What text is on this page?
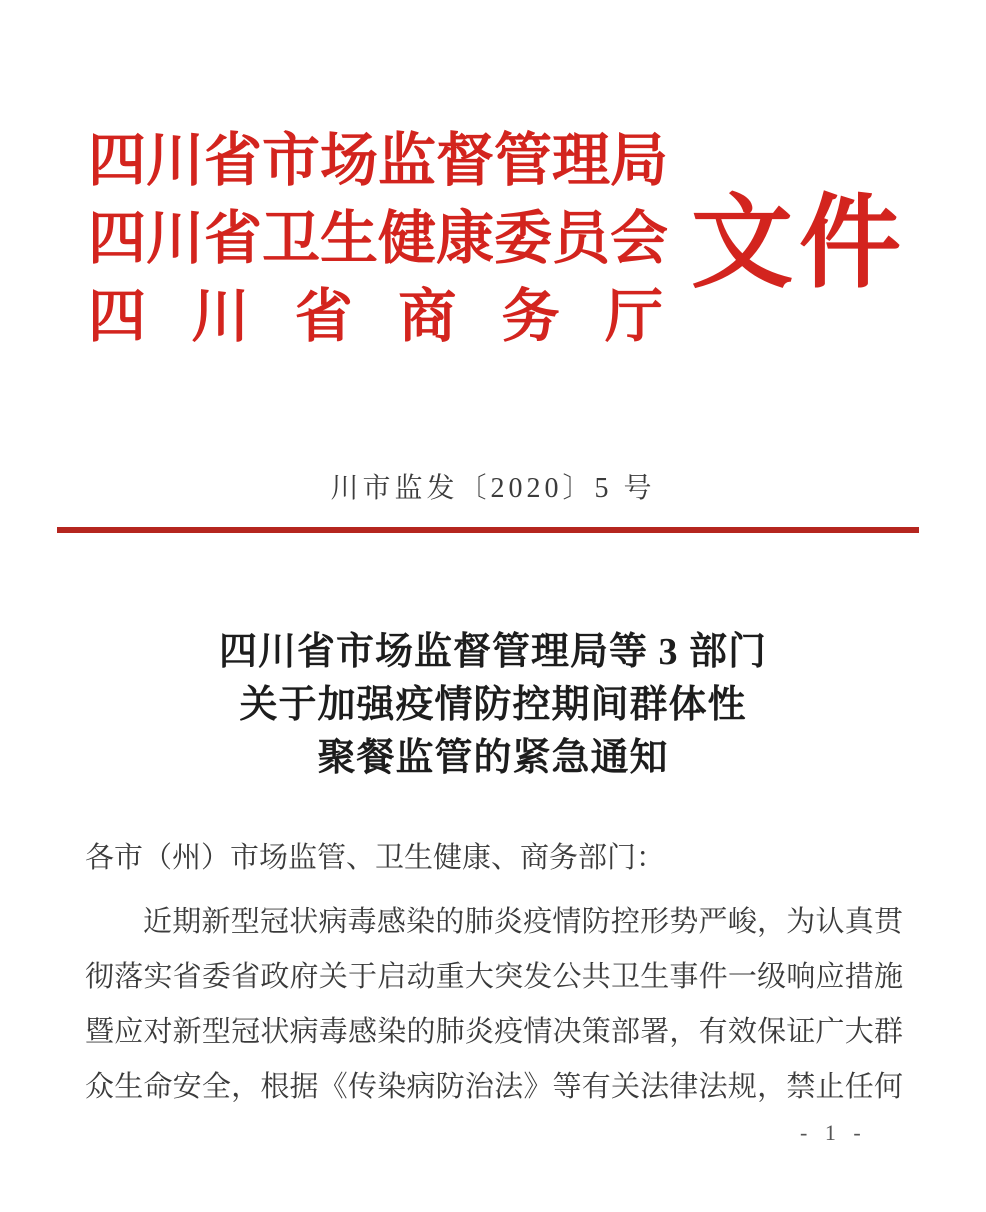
四川省市场监督管理局
四川省卫生健康委员会
四川省商务厅
文件
川市监发〔2020〕5 号
四川省市场监督管理局等 3 部门
关于加强疫情防控期间群体性
聚餐监管的紧急通知
各市（州）市场监管、卫生健康、商务部门：
近期新型冠状病毒感染的肺炎疫情防控形势严峻，为认真贯
彻落实省委省政府关于启动重大突发公共卫生事件一级响应措施
暨应对新型冠状病毒感染的肺炎疫情决策部署，有效保证广大群
众生命安全，根据《传染病防治法》等有关法律法规，禁止任何
- 1 -
